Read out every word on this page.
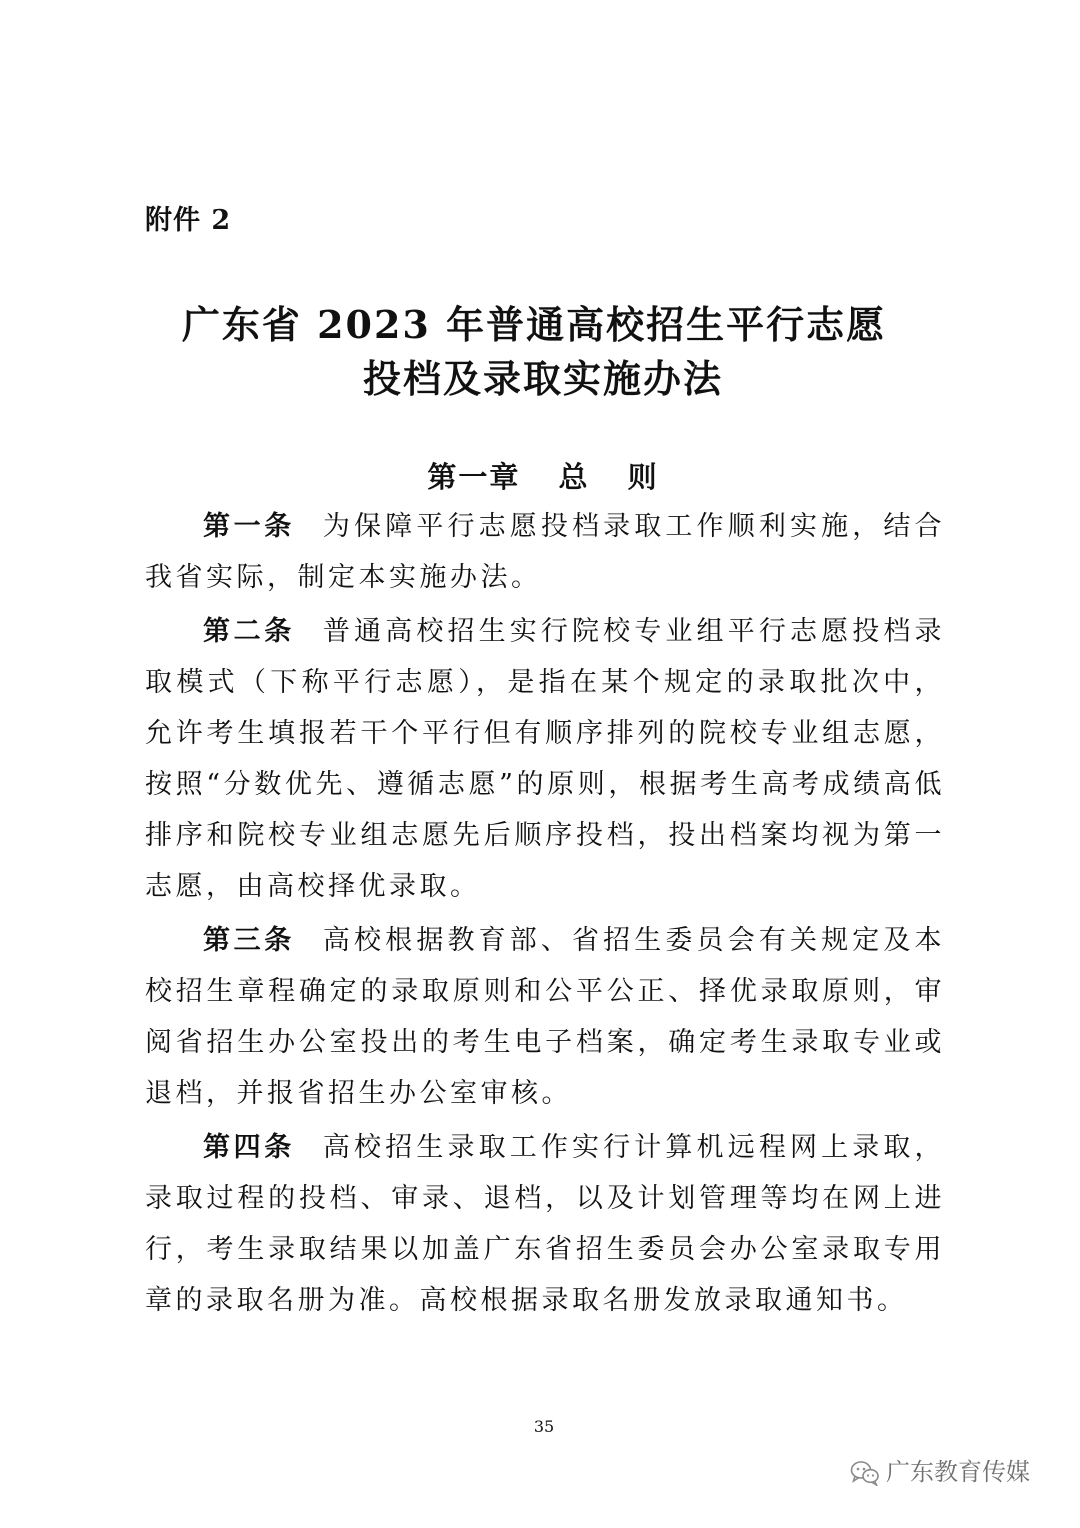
附件 2
广东省 2023 年普通高校招生平行志愿
投档及录取实施办法
第一章 总 则

第一条 为保障平行志愿投档录取工作顺利实施，结合我省实际，制定本实施办法。

第二条 普通高校招生实行院校专业组平行志愿投档录取模式（下称平行志愿），是指在某个规定的录取批次中，允许考生填报若干个平行但有顺序排列的院校专业组志愿，按照“分数优先、遵循志愿”的原则，根据考生高考成绩高低排序和院校专业组志愿先后顺序投档，投出档案均视为第一志愿，由高校择优录取。

第三条 高校根据教育部、省招生委员会有关规定及本校招生章程确定的录取原则和公平公正、择优录取原则，审阅省招生办公室投出的考生电子档案，确定考生录取专业或退档，并报省招生办公室审核。

第四条 高校招生录取工作实行计算机远程网上录取，录取过程的投档、审录、退档，以及计划管理等均在网上进行，考生录取结果以加盖广东省招生委员会办公室录取专用章的录取名册为准。高校根据录取名册发放录取通知书。

35
广东教育传媒
